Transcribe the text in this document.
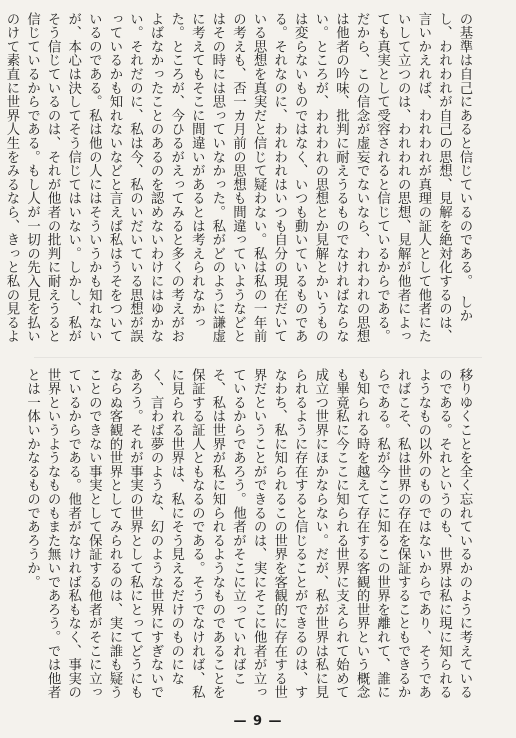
の基準は自己にあると信じているのである。　しかし、われわれが自己の思想、見解を絶対化するのは、言いかえれば、われわれが真理の証人として他者にたいして立つのは、われわれの思想、見解が他者によっても真実として受容されると信じているからである。だから、この信念が虚妄でないなら、われわれの思想は他者の吟味、批判に耐えうるものでなければならない。ところが、われわれの思想とか見解とかいうものは変らないものではなく、いつも動いているものである。それなのに、われわれはいつも自分の現在だいている思想を真実だと信じて疑わない。私は私の一年前の考えも、否一カ月前の思想も間違っていようなどとはその時には思っていなかった。私がどのように謙虚に考えてもそこに間違いがあるとは考えられなかった。ところが、今ひるがえってみると多くの考えがおよばなかったことのあるのを認めないわけにはゆかない。それだのに、私は今、私のいだいている思想が誤っているかも知れないなどと言えば私はうそをついているのである。私は他の人にはそういうかも知れないが、本心は決してそう信じてはいない。しかし、私がそう信じているのは、それが他者の批判に耐えうると信じているからである。もし人が一切の先入見を払いのけて素直に世界人生をみるなら、きっと私の見るよ

移りゆくことを全く忘れているかのように考えているのである。それというのも、世界は私に現に知られるようなもの以外のものではないからであり、そうであればこそ、私は世界の存在を保証することもできるからである。私が今ここに知るこの世界を離れて、誰にも知られる時を越えて存在する客観的世界という概念も畢竟私に今ここに知られる世界に支えられて始めて成立つ世界にほかならない。だが、私が世界は私に見られるように存在すると信じることができるのは、すなわち、私に知られるこの世界を客観的に存在する世界だということができるのは、実にそこに他者が立っているからであろう。他者がそこに立っていればこそ、私は世界が私に知られるようなものであることを保証する証人ともなるのである。そうでなければ、私に見られる世界は、私にそう見えるだけのものになく、言わば夢のような、幻のような世界にすぎないであろう。それが事実の世界として私にとってどうにもならぬ客観的世界としてみられるのは、実に誰も疑うことのできない事実として保証する他者がそこに立っているからである。他者がなければ私もなく、事実の世界というようなものもまた無いであろう。では他者とは一体いかなるものであろうか。

— 9 —
